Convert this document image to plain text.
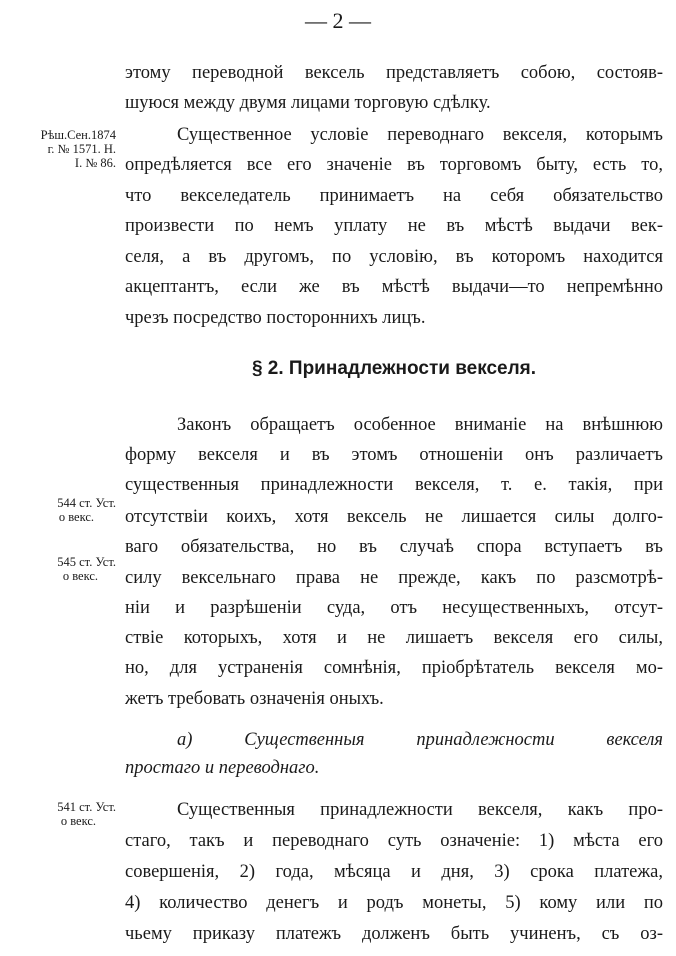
— 2 —
этому переводной вексель представляетъ собою, состояв-
шуюся между двумя лицами торговую сдѣлку.
Существенное условіе переводнаго векселя, которымъ
опредѣляется все его значеніе въ торговомъ быту, есть то,
что векселедатель принимаетъ на себя обязательство
произвести по немъ уплату не въ мѣстѣ выдачи век-
селя, а въ другомъ, по условію, въ которомъ находится
акцептантъ, если же въ мѣстѣ выдачи—то непремѣнно
чрезъ посредство постороннихъ лицъ.
§ 2. Принадлежности векселя.
Законъ обращаетъ особенное вниманіе на внѣшнюю
форму векселя и въ этомъ отношеніи онъ различаетъ
существенныя принадлежности векселя, т. е. такія, при
отсутствіи коихъ, хотя вексель не лишается силы долго-
ваго обязательства, но въ случаѣ спора вступаетъ въ
силу вексельнаго права не прежде, какъ по разсмотрѣ-
ніи и разрѣшеніи суда, отъ несущественныхъ, отсут-
ствіе которыхъ, хотя и не лишаетъ векселя его силы,
но, для устраненія сомнѣнія, пріобрѣтатель векселя мо-
жетъ требовать означенія оныхъ.
а) Существенныя принадлежности векселя
простаго и переводнаго.
Существенныя принадлежности векселя, какъ про-
стаго, такъ и переводнаго суть означеніе: 1) мѣста его
совершенія, 2) года, мѣсяца и дня, 3) срока платежа,
4) количество денегъ и родъ монеты, 5) кому или по
чьему приказу платежъ долженъ быть учиненъ, съ оз-
Рѣш.Сен.1874
г. № 1571. Н.
І. № 86.
544 ст. Уст.
о векс.
545 ст. Уст.
о векс.
541 ст. Уст.
о векс.
